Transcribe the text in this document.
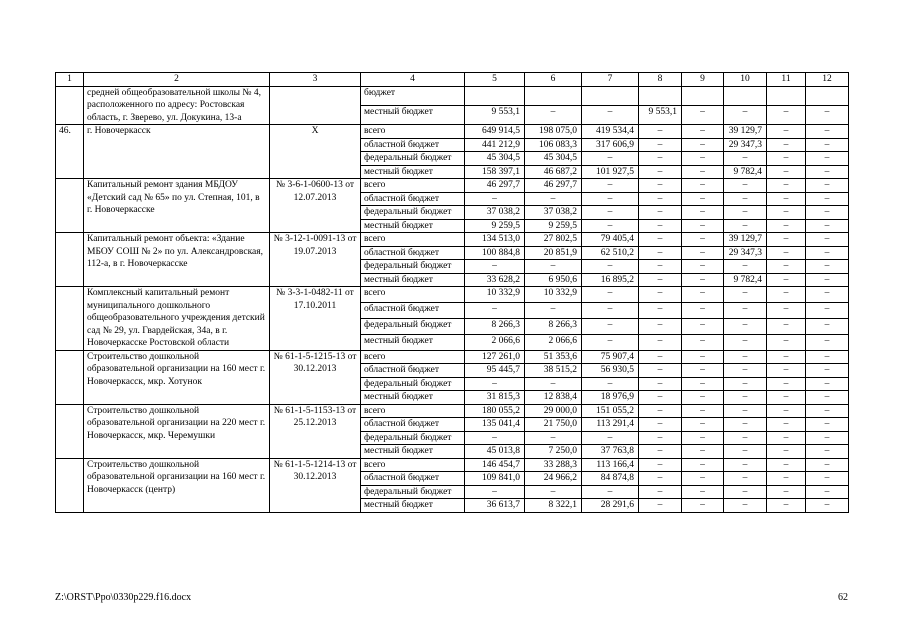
1	2	3	4	5	6	7	8	9	10	11	12
	средней общеобразовательной школы № 4, расположенного по адресу: Ростовская область, г. Зверево, ул. Докукина, 13-а		бюджет								
			местный бюджет	9 553,1	–	–	9 553,1	–	–	–	–
46.	г. Новочеркасск	Х	всего	649 914,5	198 075,0	419 534,4	–	–	39 129,7	–	–
			областной бюджет	441 212,9	106 083,3	317 606,9	–	–	29 347,3	–	–
			федеральный бюджет	45 304,5	45 304,5	–	–	–	–	–	–
			местный бюджет	158 397,1	46 687,2	101 927,5	–	–	9 782,4	–	–
	Капитальный ремонт здания МБДОУ «Детский сад № 65» по ул. Степная, 101, в г. Новочеркасске	№ 3-6-1-0600-13 от 12.07.2013	всего	46 297,7	46 297,7	–	–	–	–	–	–
			областной бюджет	–	–	–	–	–	–	–	–
			федеральный бюджет	37 038,2	37 038,2	–	–	–	–	–	–
			местный бюджет	9 259,5	9 259,5	–	–	–	–	–	–
	Капитальный ремонт объекта: «Здание МБОУ СОШ № 2» по ул. Александровская, 112-а, в г. Новочеркасске	№ 3-12-1-0091-13 от 19.07.2013	всего	134 513,0	27 802,5	79 405,4	–	–	39 129,7	–	–
			областной бюджет	100 884,8	20 851,9	62 510,2	–	–	29 347,3	–	–
			федеральный бюджет	–	–	–	–	–	–	–	–
			местный бюджет	33 628,2	6 950,6	16 895,2	–	–	9 782,4	–	–
	Комплексный капитальный ремонт муниципального дошкольного общеобразовательного учреждения детский сад № 29, ул. Гвардейская, 34а, в г. Новочеркасске Ростовской области	№ 3-3-1-0482-11 от 17.10.2011	всего	10 332,9	10 332,9	–	–	–	–	–	–
			областной бюджет	–	–	–	–	–	–	–	–
			федеральный бюджет	8 266,3	8 266,3	–	–	–	–	–	–
			местный бюджет	2 066,6	2 066,6	–	–	–	–	–	–
	Строительство дошкольной образовательной организации на 160 мест г. Новочеркасск, мкр. Хотунок	№ 61-1-5-1215-13 от 30.12.2013	всего	127 261,0	51 353,6	75 907,4	–	–	–	–	–
			областной бюджет	95 445,7	38 515,2	56 930,5	–	–	–	–	–
			федеральный бюджет	–	–	–	–	–	–	–	–
			местный бюджет	31 815,3	12 838,4	18 976,9	–	–	–	–	–
	Строительство дошкольной образовательной организации на 220 мест г. Новочеркасск, мкр. Черемушки	№ 61-1-5-1153-13 от 25.12.2013	всего	180 055,2	29 000,0	151 055,2	–	–	–	–	–
			областной бюджет	135 041,4	21 750,0	113 291,4	–	–	–	–	–
			федеральный бюджет	–	–	–	–	–	–	–	–
			местный бюджет	45 013,8	7 250,0	37 763,8	–	–	–	–	–
	Строительство дошкольной образовательной организации на 160 мест г. Новочеркасск (центр)	№ 61-1-5-1214-13 от 30.12.2013	всего	146 454,7	33 288,3	113 166,4	–	–	–	–	–
			областной бюджет	109 841,0	24 966,2	84 874,8	–	–	–	–	–
			федеральный бюджет	–	–	–	–	–	–	–	–
			местный бюджет	36 613,7	8 322,1	28 291,6	–	–	–	–	–
Z:\ORST\Ppo\0330p229.f16.docx	62
